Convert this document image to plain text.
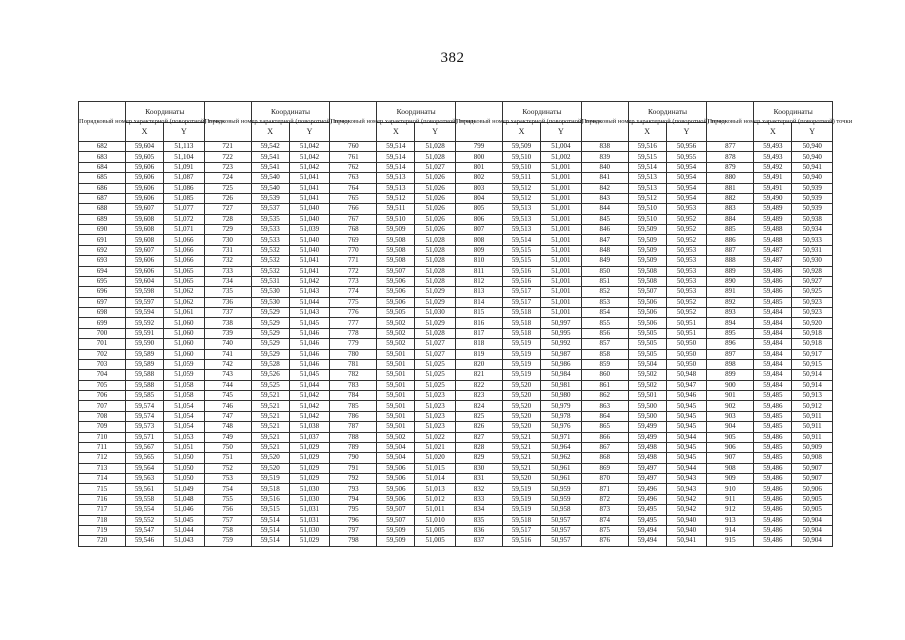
382
Порядковый номер характерной (поворотной) точки	Координаты		Порядковый номер характерной (поворотной) точки	Координаты		Порядковый номер характерной (поворотной) точки	Координаты		Порядковый номер характерной (поворотной) точки	Координаты		Порядковый номер характерной (поворотной) точки	Координаты		Порядковый номер характерной (поворотной) точки	Координаты	
	X	Y		X	Y		X	Y		X	Y		X	Y		X	Y
682	59,604	51,113	721	59,542	51,042	760	59,514	51,028	799	59,509	51,004	838	59,516	50,956	877	59,493	50,940
683	59,605	51,104	722	59,541	51,042	761	59,514	51,028	800	59,510	51,002	839	59,515	50,955	878	59,493	50,940
684	59,606	51,091	723	59,541	51,042	762	59,514	51,027	801	59,510	51,001	840	59,514	50,954	879	59,492	50,941
685	59,606	51,087	724	59,540	51,041	763	59,513	51,026	802	59,511	51,001	841	59,513	50,954	880	59,491	50,940
686	59,606	51,086	725	59,540	51,041	764	59,513	51,026	803	59,512	51,001	842	59,513	50,954	881	59,491	50,939
687	59,606	51,085	726	59,539	51,041	765	59,512	51,026	804	59,512	51,001	843	59,512	50,954	882	59,490	50,939
688	59,607	51,077	727	59,537	51,040	766	59,511	51,026	805	59,513	51,001	844	59,510	50,953	883	59,489	50,939
689	59,608	51,072	728	59,535	51,040	767	59,510	51,026	806	59,513	51,001	845	59,510	50,952	884	59,489	50,938
690	59,608	51,071	729	59,533	51,039	768	59,509	51,026	807	59,513	51,001	846	59,509	50,952	885	59,488	50,934
691	59,608	51,066	730	59,533	51,040	769	59,508	51,028	808	59,514	51,001	847	59,509	50,952	886	59,488	50,933
692	59,607	51,066	731	59,532	51,040	770	59,508	51,028	809	59,515	51,001	848	59,509	50,953	887	59,487	50,931
693	59,606	51,066	732	59,532	51,041	771	59,508	51,028	810	59,515	51,001	849	59,509	50,953	888	59,487	50,930
694	59,606	51,065	733	59,532	51,041	772	59,507	51,028	811	59,516	51,001	850	59,508	50,953	889	59,486	50,928
695	59,604	51,065	734	59,531	51,042	773	59,506	51,028	812	59,516	51,001	851	59,508	50,953	890	59,486	50,927
696	59,598	51,062	735	59,530	51,043	774	59,506	51,029	813	59,517	51,001	852	59,507	50,953	891	59,486	50,925
697	59,597	51,062	736	59,530	51,044	775	59,506	51,029	814	59,517	51,001	853	59,506	50,952	892	59,485	50,923
698	59,594	51,061	737	59,529	51,043	776	59,505	51,030	815	59,518	51,001	854	59,506	50,952	893	59,484	50,923
699	59,592	51,060	738	59,529	51,045	777	59,502	51,029	816	59,518	50,997	855	59,506	50,951	894	59,484	50,920
700	59,591	51,060	739	59,529	51,046	778	59,502	51,028	817	59,518	50,995	856	59,505	50,951	895	59,484	50,918
701	59,590	51,060	740	59,529	51,046	779	59,502	51,027	818	59,519	50,992	857	59,505	50,950	896	59,484	50,918
702	59,589	51,060	741	59,529	51,046	780	59,501	51,027	819	59,519	50,987	858	59,505	50,950	897	59,484	50,917
703	59,589	51,059	742	59,528	51,046	781	59,501	51,025	820	59,519	50,986	859	59,504	50,950	898	59,484	50,915
704	59,588	51,059	743	59,526	51,045	782	59,501	51,025	821	59,519	50,984	860	59,502	50,948	899	59,484	50,914
705	59,588	51,058	744	59,525	51,044	783	59,501	51,025	822	59,520	50,981	861	59,502	50,947	900	59,484	50,914
706	59,585	51,058	745	59,521	51,042	784	59,501	51,023	823	59,520	50,980	862	59,501	50,946	901	59,485	50,913
707	59,574	51,054	746	59,521	51,042	785	59,501	51,023	824	59,520	50,979	863	59,500	50,945	902	59,486	50,912
708	59,574	51,054	747	59,521	51,042	786	59,501	51,023	825	59,520	50,978	864	59,500	50,945	903	59,485	50,911
709	59,573	51,054	748	59,521	51,038	787	59,501	51,023	826	59,520	50,976	865	59,499	50,945	904	59,485	50,911
710	59,571	51,053	749	59,521	51,037	788	59,502	51,022	827	59,521	50,971	866	59,499	50,944	905	59,486	50,911
711	59,567	51,051	750	59,521	51,029	789	59,504	51,021	828	59,521	50,964	867	59,498	50,945	906	59,485	50,909
712	59,565	51,050	751	59,520	51,029	790	59,504	51,020	829	59,521	50,962	868	59,498	50,945	907	59,485	50,908
713	59,564	51,050	752	59,520	51,029	791	59,506	51,015	830	59,521	50,961	869	59,497	50,944	908	59,486	50,907
714	59,563	51,050	753	59,519	51,029	792	59,506	51,014	831	59,520	50,961	870	59,497	50,943	909	59,486	50,907
715	59,561	51,049	754	59,518	51,030	793	59,506	51,013	832	59,519	50,959	871	59,496	50,943	910	59,486	50,906
716	59,558	51,048	755	59,516	51,030	794	59,506	51,012	833	59,519	50,959	872	59,496	50,942	911	59,486	50,905
717	59,554	51,046	756	59,515	51,031	795	59,507	51,011	834	59,519	50,958	873	59,495	50,942	912	59,486	50,905
718	59,552	51,045	757	59,514	51,031	796	59,507	51,010	835	59,518	50,957	874	59,495	50,940	913	59,486	50,904
719	59,547	51,044	758	59,514	51,030	797	59,509	51,005	836	59,517	50,957	875	59,494	50,940	914	59,486	50,904
720	59,546	51,043	759	59,514	51,029	798	59,509	51,005	837	59,516	50,957	876	59,494	50,941	915	59,486	50,904
